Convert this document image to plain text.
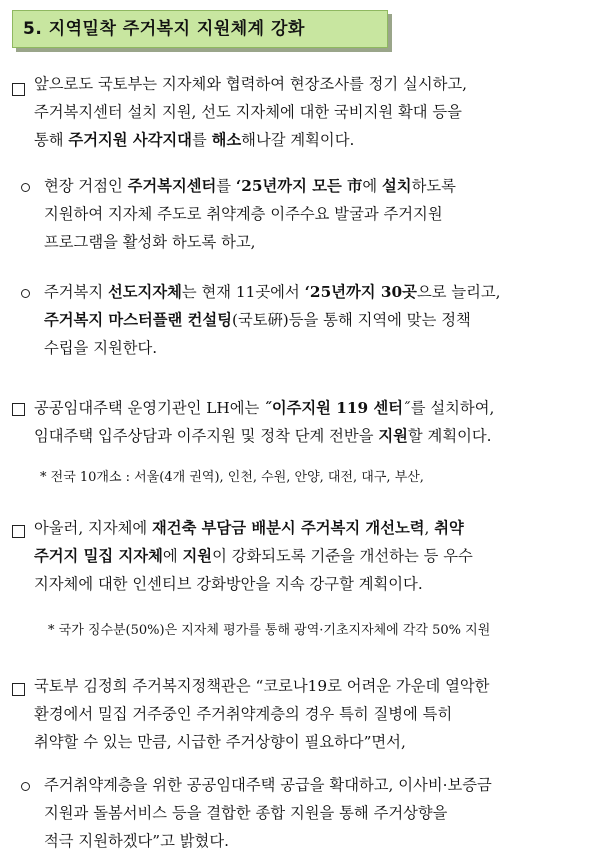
5. 지역밀착 주거복지 지원체계 강화
앞으로도 국토부는 지자체와 협력하여 현장조사를 정기 실시하고,
주거복지센터 설치 지원, 선도 지자체에 대한 국비지원 확대 등을
통해 주거지원 사각지대를 해소해나갈 계획이다.
현장 거점인 주거복지센터를 ‘25년까지 모든 市에 설치하도록
지원하여 지자체 주도로 취약계층 이주수요 발굴과 주거지원
프로그램을 활성화 하도록 하고,
주거복지 선도지자체는 현재 11곳에서 ‘25년까지 30곳으로 늘리고,
주거복지 마스터플랜 컨설팅(국토硏)등을 통해 지역에 맞는 정책
수립을 지원한다.
공공임대주택 운영기관인 LH에는 ˝이주지원 119 센터˝를 설치하여,
임대주택 입주상담과 이주지원 및 정착 단계 전반을 지원할 계획이다.
* 전국 10개소 : 서울(4개 권역), 인천, 수원, 안양, 대전, 대구, 부산,
아울러, 지자체에 재건축 부담금 배분시 주거복지 개선노력, 취약
주거지 밀집 지자체에 지원이 강화되도록 기준을 개선하는 등 우수
지자체에 대한 인센티브 강화방안을 지속 강구할 계획이다.
* 국가 징수분(50%)은 지자체 평가를 통해 광역·기초지자체에 각각 50% 지원
국토부 김정희 주거복지정책관은 “코로나19로 어려운 가운데 열악한
환경에서 밀집 거주중인 주거취약계층의 경우 특히 질병에 특히
취약할 수 있는 만큼, 시급한 주거상향이 필요하다”면서,
주거취약계층을 위한 공공임대주택 공급을 확대하고, 이사비·보증금
지원과 돌봄서비스 등을 결합한 종합 지원을 통해 주거상향을
적극 지원하겠다”고 밝혔다.
